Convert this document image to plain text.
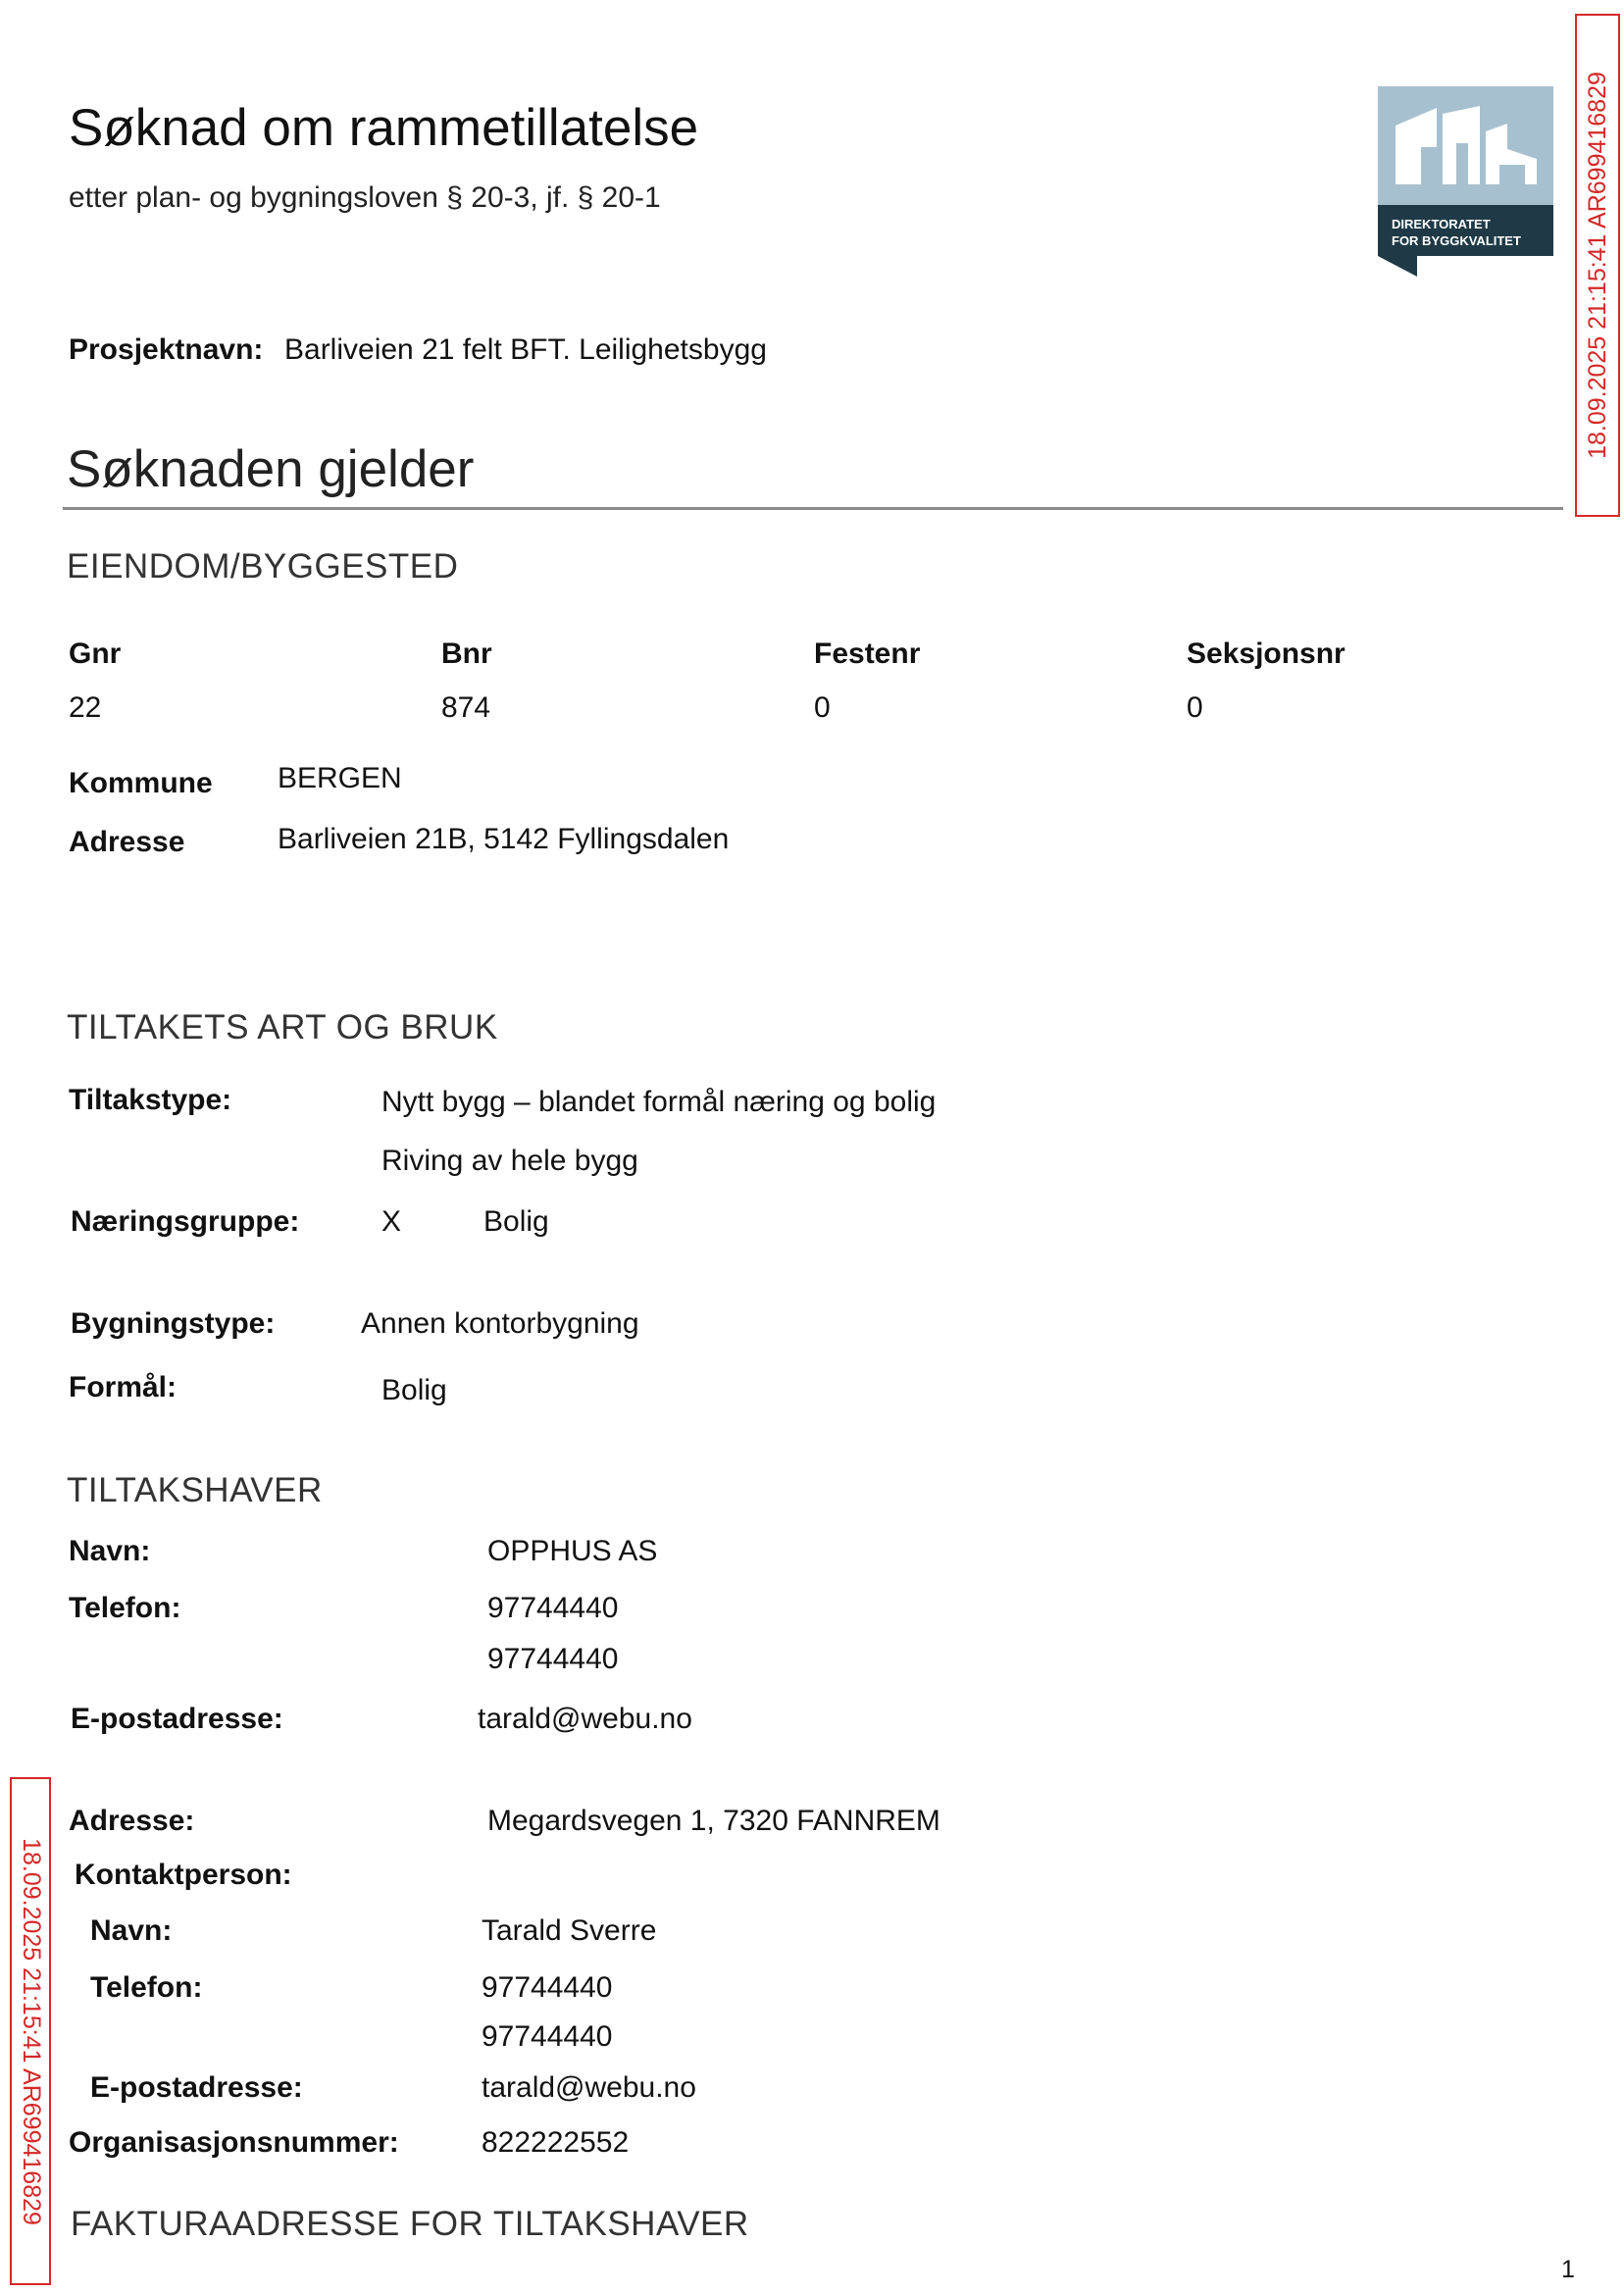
Søknad om rammetillatelse
etter plan- og bygningsloven § 20-3, jf. § 20-1
DIREKTORATET
FOR BYGGKVALITET
Prosjektnavn: Barliveien 21 felt BFT. Leilighetsbygg
Søknaden gjelder
EIENDOM/BYGGESTED
Gnr	Bnr	Festenr	Seksjonsnr
22	874	0	0
Kommune BERGEN
Adresse	Barliveien 21B, 5142 Fyllingsdalen
TILTAKETS ART OG BRUK
Tiltakstype:	Nytt bygg – blandet formål næring og bolig
Riving av hele bygg
Næringsgruppe:	X	Bolig
Bygningstype:	Annen kontorbygning
Formål:	Bolig
TILTAKSHAVER
Navn:	OPPHUS AS
Telefon:	97744440
97744440
E-postadresse:	tarald@webu.no
Adresse:	Megardsvegen 1, 7320 FANNREM
Kontaktperson:
Navn:	Tarald Sverre
Telefon:	97744440
97744440
E-postadresse:	tarald@webu.no
Organisasjonsnummer:	822222552
FAKTURAADRESSE FOR TILTAKSHAVER
18.09.2025 21:15:41 AR699416829
18.09.2025 21:15:41 AR699416829
1
